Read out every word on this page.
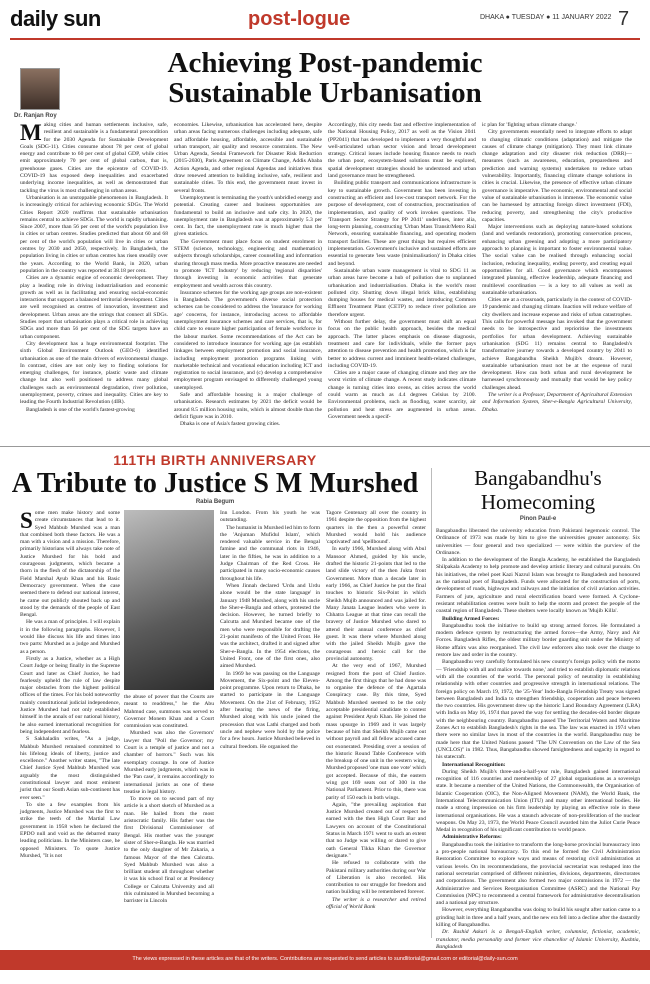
daily sun	post-logue	DHAKA ● TUESDAY ● 11 JANUARY 2022 7
Achieving Post-pandemic
Sustainable Urbanisation
Dr. Ranjan Roy
M aking cities and human settlements inclusive, safe, resilient and sustainable is a fundamental precondition for the 2030 Agenda for Sustainable Development Goals (SDG-11). Cities consume about 78 per cent of global energy and contribute to 60 per cent of global GDP, while cities emit approximately 70 per cent of global carbon, that is, greenhouse gases. Cities are the epicentre of COVID-19. COVID-19 has exposed deep inequalities and exacerbated underlying income inequalities, as well as demonstrated that tackling the virus is most challenging in urban areas.

Urbanisation is an unstoppable phenomenon in Bangladesh. It is increasingly critical for achieving economic SDGs. The World Cities Report 2020 reaffirms that sustainable urbanisation remains central to achieve SDGs. The world is rapidly urbanising. Since 2007, more than 56 per cent of the world's population live in cities or urban centres. Studies predicted that about 60 and 68 per cent of the world's population will live in cities or urban centres by 2030 and 2050, respectively. In Bangladesh, the population living in cities or urban centres has risen steadily over the years. According to the World Bank, in 2020, urban population in the country was reported at 38.18 per cent.

Cities are a dynamic engine of economic development. They play a leading role in driving industrialisation and economic growth as well as in facilitating and ensuring social-economic interactions that support a balanced territorial development. Cities are well recognised as centres of innovation, investment and development. Urban areas are the strings that connect all SDGs. Studies report that urbanisation plays a critical role in achieving SDGs and more than 56 per cent of the SDG targets have an urban component.

City development has a huge environmental footprint. The sixth Global Environment Outlook (GEO-6) identified urbanisation as one of the main drivers of environmental change. In contrast, cities are not only key to finding solutions for emerging challenges, for instance, plastic waste and climate change but also well positioned to address many global challenges such as environmental degradation, river pollution, unemployment, poverty, crimes and inequality. Cities are key to leading the Fourth Industrial Revolution (4IR).

Bangladesh is one of the world's fastest-growing

economies. Likewise, urbanisation has accelerated here, despite urban areas facing numerous challenges including adequate, safe and affordable housing, affordable, accessible and sustainable urban transport, air quality and resource constraints. The New Urban Agenda, Sendai Framework for Disaster Risk Reduction (2015-2030), Paris Agreement on Climate Change, Addis Ababa Action Agenda, and other regional Agendas and initiatives thus draw renewed attention to building inclusive, safe, resilient and sustainable cities. To this end, the government must invest in several fronts.

Unemployment is terminating the youth's unbridled energy and potential. Creating career and business opportunities are fundamental to build an inclusive and safe city. In 2020, the unemployment rate in Bangladesh was at approximately 5.3 per cent. In fact, the unemployment rate is much higher than the given statistics.

The Government must place focus on student enrolment in STEM (science, technology, engineering and mathematics) subjects through scholarships, career counselling and information sharing through mass media. More proactive measures are needed to promote 'ICT Industry' by reducing 'regional disparities' through investing in economic activities that generate employment and wealth across this country.

Insurance schemes for the working age groups are non-existent in Bangladesh. The government's diverse social protection schemes can be considered to address the 'insurance for working age' concerns, for instance, introducing access to affordable unemployment insurance schemes and care services, that is, for child care to ensure higher participation of female workforce in the labour market. Some recommendations of the Act can be considered to introduce insurance for working age (as establish linkages between employment promotion and social insurance, including employment promotion programs linking with marketable technical and vocational education including ICT and registration to social insurance, and (c) develop a comprehensive employment program envisaged to differently challenged young unemployed.

Safe and affordable housing is a major challenge of urbanisation. Research estimates by 2021 the deficit would be around 8.5 million housing units, which is almost double than the deficit figure was in 2010.

Dhaka is one of Asia's fastest growing cities.

Accordingly, this city needs fast and effective implementation of the National Housing Policy, 2017 as well as the Vision 2041 (PP2041) that has developed to implement a very thoughtful and well-articulated urban sector vision and broad development strategy. Critical issues include housing finance needs to reach the urban poor, ecosystem-based solutions must be explored, spatial development strategies should be understood and urban land governance must be strengthened.

Building public transport and communications infrastructure is key to sustainable growth. Government has been investing in constructing an efficient and low-cost transport network. For the purpose of development, cost of construction, procrastination of implementation, and quality of work invokes questions. The 'Transport Sector Strategy for PP 2041' underlines, inter alia, long-term planning, constructing 'Urban Mass Transit/Metro Rail Network, ensuring sustainable financing, and operating modern transport facilities. These are great things but requires efficient implementation. Government's inclusive and sustained efforts are essential to generate 'less waste (minimalisation)' in Dhaka cities and beyond.

Sustainable urban waste management is vital to SDG 11 as urban areas have become a hub of pollution due to unplanned urbanisation and industrialisation. Dhaka is the world's most polluted city. Shutting down illegal brick kilns, establishing dumping houses for medical wastes, and introducing Common Effluent Treatment Plant (CETP) to reduce river pollution are therefore urgent.

Without further delay, the government must shift an equal focus on the public health approach, besides the medical approach. The latter places emphasis on disease diagnosis, treatment and care for individuals, while the former pays attention to disease prevention and health promotion, which is far better to address current and imminent health-related challenges, including COVID-19.

Cities are a major cause of changing climate and they are the worst victim of climate change. A recent study indicates climate change is turning cities into ovens, as cities across the world could warm as much as 4.4 degrees Celsius by 2100. Environmental problems, such as flooding, water scarcity, air pollution and heat stress are augmented in urban areas. Government needs a specif-

ic plan for 'fighting urban climate change.'

City governments essentially need to integrate efforts to adapt to changing climatic conditions (adaptation) and mitigate the causes of climate change (mitigation). They must link climate change adaptation and city disaster risk reduction (DRR)—measures (such as awareness, education, preparedness and prediction and warning systems) undertaken to reduce urban vulnerability. Importantly, financing climate change solutions in cities is crucial. Likewise, the presence of effective urban climate governance is imperative. The economic, environmental and social value of sustainable urbanisation is immense. The economic value can be harnessed by attracting foreign direct investment (FDI), reducing poverty, and strengthening the city's productive capacities.

Major interventions such as deploying nature-based solutions (land and wetlands restoration), promoting conservation process, enhancing urban greening and adopting a more participatory approach to planning is important to foster environmental value. The social value can be realised through enhancing social inclusion, reducing inequality, ending poverty, and creating equal opportunities for all. Good governance which encompasses integrated planning, effective leadership, adequate financing and multilevel coordination — is a key to all values as well as sustainable urbanisation.

Cities are at a crossroads, particularly in the context of COVID-19 pandemic and changing climate. Inaction will reduce welfare of city dwellers and increase expense and risks of urban catastrophes. This calls for powerful message has invoked that the government needs to be introspective and reprioritise the investments portfolios for urban development. Achieving sustainable urbanisation (SDG 11) remains central to Bangladesh's transformative journey towards a developed country by 2041 to achieve Bangabandhu Sheikh Mujib's dream. However, sustainable urbanisation must not be at the expense of rural development. How can both urban and rural development be harnessed synchronously and mutually that would be key policy challenges ahead.

The writer is a Professor, Department of Agricultural Extension and Information System, Sher-e-Bangla Agricultural University, Dhaka.

111TH BIRTH ANNIVERSARY
A Tribute to Justice S M Murshed
Rabia Begum
S ome men make history and some create circumstances that lead to it. Syed Mahbub Murshed was a man that combined both these factors. He was a man with a vision and a mission. Therefore, primarily historians will always take note of Justice Murshed for his bold and courageous judgments, which became a thorn in the flesh of the dictatorship of the Field Marshal Ayub Khan and his Basic Democracy government. When the case seemed there to defend our national interest, he came out publicly shouted back up and stood by the demands of the people of East Bengal.

He was a man of principles. I will explain it in the following paragraphs. However, I would like discuss his life and times into two parts: Murshed as a judge and Murshed as a person.

Firstly as a Justice, whether as a High Court Judge or being finally in the Supreme Court and later as Chief Justice, he had fearlessly upheld the rule of law despite major obstacles from the highest political offices of the times. For his bold noteworthy mainly constitutional judicial independence, Justice Murshed had not only established himself in the annals of our national history, he also earned international recognition for being independent and fearless.

S Sakhaladin writes, "As a judge, Mahbub Murshed remained committed to his lifelong ideals of liberty, justice and excellence." Another writer states, "The late Chief Justice Syed Mahbub Murshed was arguably the most distinguished constitutional lawyer and most eminent jurist that our South Asian sub-continent has ever seen."

To site a few examples from his judgments, Justice Murshed was the first to strike the teeth of the Martial Law government in 1958 when he declared the EPDO null and void as the debarred many leading politicians. In the Ministers case, he opposed Ministers. To quote Justice Murshed, "It is not

the abuse of power that the Courts are meant to readdress," he the Abu Mahmud case, summons was served to Governor Monem Khan and a Court commission was constituted.

Murshed was also the Governors' lawyer that "Poll the Governor; my Court is a temple of justice and not a chamber of horrors." Such was his exemplary courage. In one of Justice Murshed early judgments, which was in the 'Pan case', it remains accordingly to international jurists as one of these treatise in legal history.

To move on to second part of my article is a short sketch of Murshed as a man. He hailed from the most aristocratic family. His father was the first Divisional Commissioner of Bengal. His mother was the younger sister of Sher-e-Bangla. He was married to the only daughter of Mr Zakaria, a famous Mayor of the then Calcutta. Syed Mahbub Murshed was also a brilliant student all throughout whether it was his school final or at Presidency College or Calcutta University and all this culminated in Murshed becoming a barrister in Lincoln

Inn London. From his youth he was outstanding.

The humanist in Murshed led him to form the 'Anjuman Mufidul Islam', which rendered valuable service in the Bengal famine and the communal riots in 1946, later in the fifties, he was in addition to a Judge Chairman of the Red Cross. He participated in many socio-economic causes throughout his life.

When Jinnah declared 'Urdu and Urdu alone would be the state language' in January 1948 Murshed, along with his uncle the Sher-e-Bangla and others, protested the decision. However, he turned briefly to Calcutta and Murshed became one of the men who were responsible for drafting the 21-point manifesto of the United Front. He was the architect, drafted it and signed after Sher-e-Bangla. In the 1954 elections, the United Front, one of the first ones, also aimed Murshed.

In 1969 he was passing on the Language Movement, the Six-point and the Eleven-point programme. Upon return to Dhaka, he started to participate in the Language Movement. On the 21st of February, 1952 after hearing the news of the firing, Murshed along with his uncle joined the procession that was Lathi charged and both uncle and nephew were hold by the police for a few hours. Justice Murshed believed in cultural freedom. He organised the

Tagore Centenary all over the country in 1961 despite the opposition from the highest quarters in the then a powerful center Murshed would hold his audience 'captivated' and 'spellbound'.

In early 1966, Murshed along with Abul Mansoor Ahmed, guided by his uncle, drafted the historic 21-points that led to the land slide victory of the then Jukta front Government. More than a decade later in early 1966, as Chief Justice he put the final touches to historic Six-Point in which Sheikh Mujib announced and was jailed for. Many Janata League leaders who were in Chhatra League at that time can recall the bravery of Justice Murshed who dared to attend their annual conference as chief guest. It was there where Murshed along with the jailed Sheikh Mujib gave the courageous and heroic call for the provincial autonomy.

At the very end of 1967, Murshed resigned from the post of Chief Justice. Among the first things that he had done was to organise the defence of the Agartala Conspiracy case. By this time, Syed Mahbub Murshed seemed to be the only acceptable presidential candidate to contest against President Ayub Khan. He joined the mass upsurge in 1969 and it was largely because of him that Sheikh Mujib came out without payroll and all fellow accused came out exonerated. Presiding over a session of the historic Round Table Conference with the breakup of one unit in the western wing, Murshed proposed 'one man one vote' which got accepted. Because of this, the eastern wing got 169 seats out of 300 in the National Parliament. Prior to this, there was parity of 150 each in both wings.

Again, "the prevailing aspiration that Justice Murshed created out of respect he earned with the then High Court Bar and Lawyers on account of the Constitutional Status in March 1971 went to such an extent that no Judge was willing or dared to give oath General Tikka Khan the Governor designate."

He refused to collaborate with the Pakistani military authorities during our War of Liberation is also recorded. His contribution to our struggle for freedom and nation building will be remembered forever.

The writer is a researcher and retired official of World Bank

Bangabandhu's
Homecoming
Pinon Paul-e

Bangabandhu liberated the university education from Pakistani hegemonic control. The Ordinance of 1973 was made by him to give the universities greater autonomy. Six universities — four general and two specialized — were within the purview of the Ordinance.

In addition to the development of the Bangla Academy, he established the Bangladesh Shilpakala Academy to help promote and develop artistic literary and cultural pursuits. On his initiatives, the rebel poet Kazi Nazrul Islam was brought to Bangladesh and honoured as the national poet of Bangladesh. Funds were allocated for the construction of ports, development of roads, highways and railways and the initiation of civil aviation activities. Farmers of jute, agriculture and rural electrification board were formed. A Cyclone-resistant rehabilitation centres were built to help the storm and protect the people of the coastal region of Bangladesh. These shelters were locally known as 'Mujib Killa'.

Building Armed Forces:

Bangabandhu took the initiative to build up strong armed forces. He formulated a modern defence system by restructuring the armed forces—the Army, Navy and Air Forces. Bangladesh Rifles, the oldest military border guarding unit under the Ministry of Home affairs was also reorganised. The civil law enforcers also took over the charge to restore law and order in the country.

Bangabandhu very carefully formulated his new country's foreign policy with the motto — 'Friendship with all and malice towards none,' and tried to establish diplomatic relations with all the countries of the world. The personal policy of neutrality in establishing relationship with other countries and progressive strength in international relations. The foreign policy on March 19, 1972, the '25-Year' Indo-Bangla Friendship Treaty was signed between Bangladesh and India to strengthen friendship, cooperation and peace between the two countries. His government drew up the historic Land Boundary Agreement (LBA) with India on May 16, 1974 that paved the way for settling the decades-old border dispute with the neighbouring country. Bangabandhu passed The Territorial Waters and Maritime Zones Act to establish Bangladesh's rights in the sea. The law was enacted in 1974 when there were no similar laws in most of the countries in the world. Bangabandhu may be made here that the United Nations passed "The UN Convention on the Law of the Sea (UNCLOS)" in 1982. Thus, Bangabandhu showed farsightedness and sagacity in regard to his statecraft.

International Recognition:

During Sheikh Mujib's three-and-a-half-year rule, Bangladesh gained international recognition of 116 countries and membership of 27 global organisations as a sovereign state. It became a member of the United Nations, the Commonwealth, the Organisation of Islamic Cooperation (OIC), the Non-Aligned Movement (NAM), the World Bank, the International Telecommunication Union (ITU) and many other international bodies. He made a strong impression on his firm leadership by playing an effective role in these international organisations. He was a staunch advocate of non-proliferation of the nuclear weapons. On May 23, 1973, the World Peace Council awarded him the Juliot Curie Peace Medal in recognition of his significant contribution to world peace.

Administrative Reforms:

Bangabandhu took the initiative to transform the long-horse provincial bureaucracy into a pro-people national bureaucracy. To this end he formed the Civil Administration Restoration Committee to explore ways and means of restoring civil administration at various levels. On its recommendations, the provincial secretariat was reshaped into the national secretariat comprised of different ministries, divisions, departments, directorates and corporations. The government also formed two major commissions in 1972 — the Administrative and Services Reorganisation Committee (ASRC) and the National Pay Commission (NPC) to recommend a central framework for administrative decentralisation and a national pay structure.

However, everything Bangabandhu was doing to build his sought after nation came to a grinding halt in three and a half years, and the new era fell into a decline after the dastardly killing of Bangabandhu.

Dr. Rashid Askari is a Bengali-English writer, columnist, fictionist, academic, translator, media personality and former vice chancellor of Islamic University, Kushtia, Bangladesh

The views expressed in these articles are that of the writers. Contributions are requested to send articles to sundlitorial@gmail.com or editorial@daily-sun.com
